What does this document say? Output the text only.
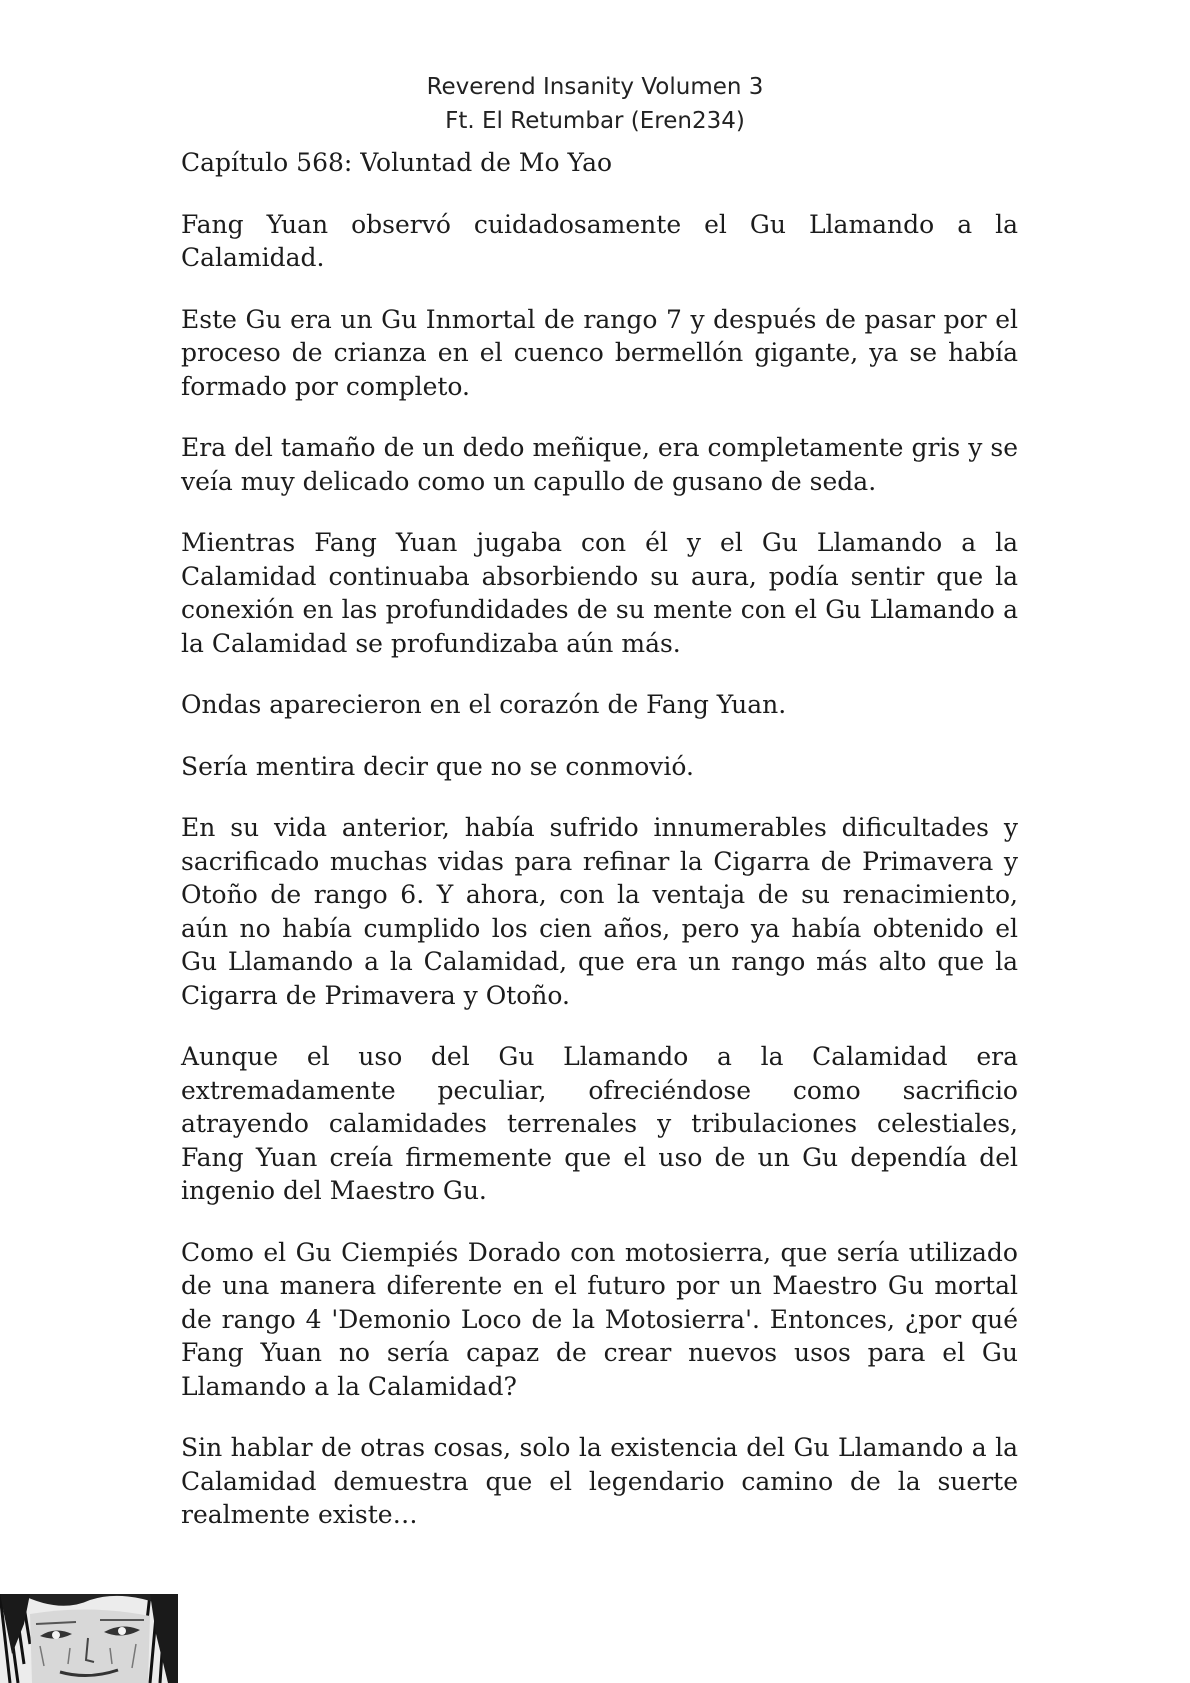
Reverend Insanity Volumen 3
Ft. El Retumbar (Eren234)
Capítulo 568: Voluntad de Mo Yao

Fang Yuan observó cuidadosamente el Gu Llamando a la Calamidad.

Este Gu era un Gu Inmortal de rango 7 y después de pasar por el proceso de crianza en el cuenco bermellón gigante, ya se había formado por completo.

Era del tamaño de un dedo meñique, era completamente gris y se veía muy delicado como un capullo de gusano de seda.

Mientras Fang Yuan jugaba con él y el Gu Llamando a la Calamidad continuaba absorbiendo su aura, podía sentir que la conexión en las profundidades de su mente con el Gu Llamando a la Calamidad se profundizaba aún más.

Ondas aparecieron en el corazón de Fang Yuan.

Sería mentira decir que no se conmovió.

En su vida anterior, había sufrido innumerables dificultades y sacrificado muchas vidas para refinar la Cigarra de Primavera y Otoño de rango 6. Y ahora, con la ventaja de su renacimiento, aún no había cumplido los cien años, pero ya había obtenido el Gu Llamando a la Calamidad, que era un rango más alto que la Cigarra de Primavera y Otoño.

Aunque el uso del Gu Llamando a la Calamidad era extremadamente peculiar, ofreciéndose como sacrificio atrayendo calamidades terrenales y tribulaciones celestiales, Fang Yuan creía firmemente que el uso de un Gu dependía del ingenio del Maestro Gu.

Como el Gu Ciempiés Dorado con motosierra, que sería utilizado de una manera diferente en el futuro por un Maestro Gu mortal de rango 4 'Demonio Loco de la Motosierra'. Entonces, ¿por qué Fang Yuan no sería capaz de crear nuevos usos para el Gu Llamando a la Calamidad?

Sin hablar de otras cosas, solo la existencia del Gu Llamando a la Calamidad demuestra que el legendario camino de la suerte realmente existe…
